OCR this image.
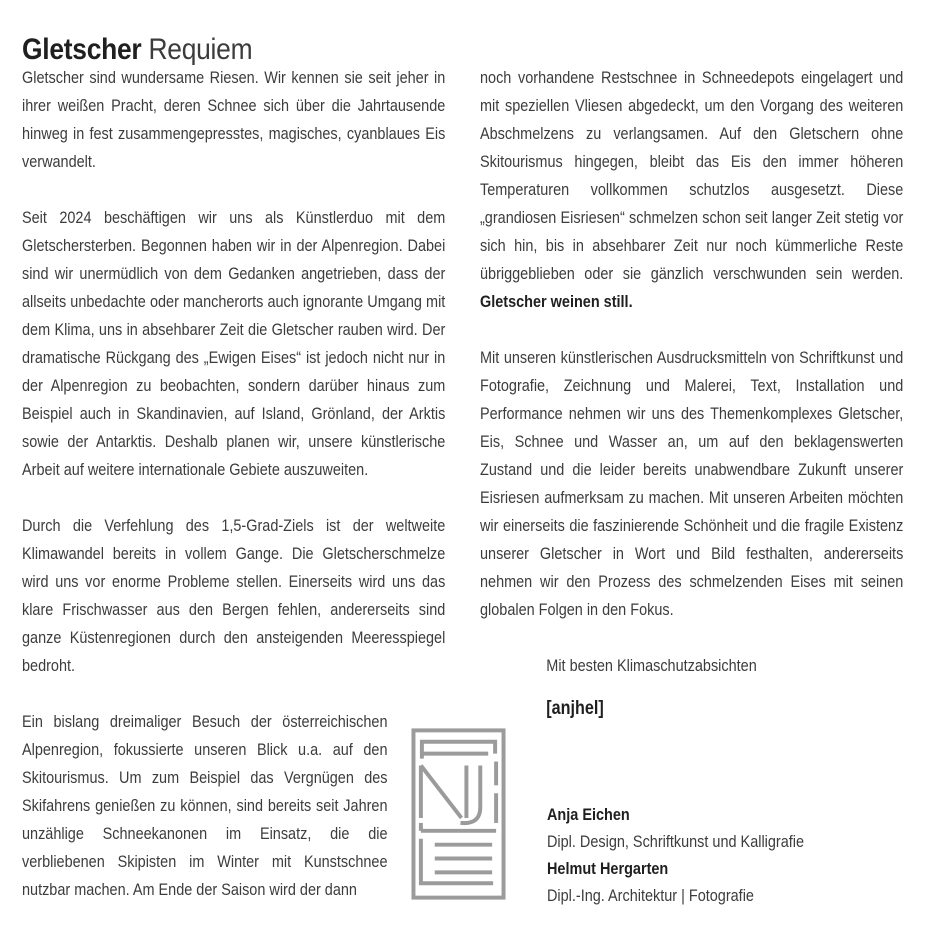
Gletscher Requiem

Gletscher sind wundersame Riesen. Wir kennen sie seit jeher in ihrer weißen Pracht, deren Schnee sich über die Jahrtausende hinweg in fest zusammengepresstes, magisches, cyanblaues Eis verwandelt.

Seit 2024 beschäftigen wir uns als Künstlerduo mit dem Gletschersterben. Begonnen haben wir in der Alpenregion. Dabei sind wir unermüdlich von dem Gedanken angetrieben, dass der allseits unbedachte oder mancherorts auch ignorante Umgang mit dem Klima, uns in absehbarer Zeit die Gletscher rauben wird. Der dramatische Rückgang des „Ewigen Eises“ ist jedoch nicht nur in der Alpenregion zu beobachten, sondern darüber hinaus zum Beispiel auch in Skandinavien, auf Island, Grönland, der Arktis sowie der Antarktis. Deshalb planen wir, unsere künstlerische Arbeit auf weitere internationale Gebiete auszuweiten.

Durch die Verfehlung des 1,5-Grad-Ziels ist der weltweite Klimawandel bereits in vollem Gange. Die Gletscherschmelze wird uns vor enorme Probleme stellen. Einerseits wird uns das klare Frischwasser aus den Bergen fehlen, andererseits sind ganze Küstenregionen durch den ansteigenden Meeresspiegel bedroht.

Ein bislang dreimaliger Besuch der österreichischen Alpenregion, fokussierte unseren Blick u.a. auf den Skitourismus. Um zum Beispiel das Vergnügen des Skifahrens genießen zu können, sind bereits seit Jahren unzählige Schneekanonen im Einsatz, die die verbliebenen Skipisten im Winter mit Kunstschnee nutzbar machen. Am Ende der Saison wird der dann

noch vorhandene Restschnee in Schneedepots eingelagert und mit speziellen Vliesen abgedeckt, um den Vorgang des weiteren Abschmelzens zu verlangsamen. Auf den Gletschern ohne Skitourismus hingegen, bleibt das Eis den immer höheren Temperaturen vollkommen schutzlos ausgesetzt. Diese „grandiosen Eisriesen“ schmelzen schon seit langer Zeit stetig vor sich hin, bis in absehbarer Zeit nur noch kümmerliche Reste übriggeblieben oder sie gänzlich verschwunden sein werden. Gletscher weinen still.

Mit unseren künstlerischen Ausdrucksmitteln von Schriftkunst und Fotografie, Zeichnung und Malerei, Text, Installation und Performance nehmen wir uns des Themenkomplexes Gletscher, Eis, Schnee und Wasser an, um auf den beklagenswerten Zustand und die leider bereits unabwendbare Zukunft unserer Eisriesen aufmerksam zu machen. Mit unseren Arbeiten möchten wir einerseits die faszinierende Schönheit und die fragile Existenz unserer Gletscher in Wort und Bild festhalten, andererseits nehmen wir den Prozess des schmelzenden Eises mit seinen globalen Folgen in den Fokus.

Mit besten Klimaschutzabsichten

[anjhel]

Anja Eichen
Dipl. Design, Schriftkunst und Kalligrafie
Helmut Hergarten
Dipl.-Ing. Architektur | Fotografie
